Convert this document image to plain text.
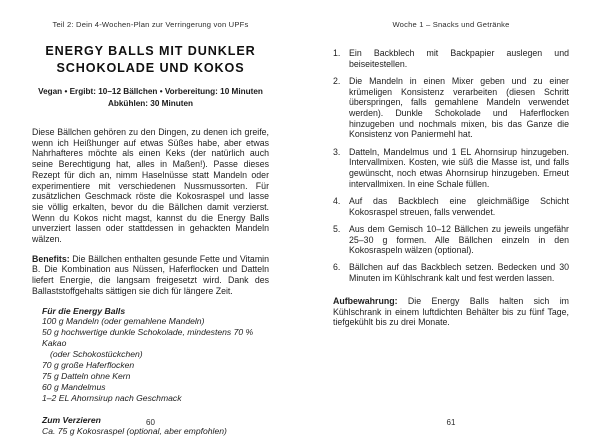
Teil 2: Dein 4-Wochen-Plan zur Verringerung von UPFs
ENERGY BALLS MIT DUNKLER
SCHOKOLADE UND KOKOS
Vegan • Ergibt: 10–12 Bällchen • Vorbereitung: 10 Minuten
Abkühlen: 30 Minuten

Diese Bällchen gehören zu den Dingen, zu denen ich greife, wenn ich Heißhunger auf etwas Süßes habe, aber etwas Nahrhafteres möchte als einen Keks (der natürlich auch seine Berechtigung hat, alles in Maßen!). Passe dieses Rezept für dich an, nimm Haselnüsse statt Mandeln oder experimentiere mit verschiedenen Nussmussorten. Für zusätzlichen Geschmack röste die Kokosraspel und lasse sie völlig erkalten, bevor du die Bällchen damit verzierst. Wenn du Kokos nicht magst, kannst du die Energy Balls unverziert lassen oder stattdessen in gehackten Mandeln wälzen.

Benefits: Die Bällchen enthalten gesunde Fette und Vitamin B. Die Kombination aus Nüssen, Haferflocken und Datteln liefert Energie, die langsam freigesetzt wird. Dank des Ballaststoffgehalts sättigen sie dich für längere Zeit.

Für die Energy Balls
100 g Mandeln (oder gemahlene Mandeln)
50 g hochwertige dunkle Schokolade, mindestens 70 % Kakao
(oder Schokostückchen)
70 g große Haferflocken
75 g Datteln ohne Kern
60 g Mandelmus
1–2 EL Ahornsirup nach Geschmack
Zum Verzieren
Ca. 75 g Kokosraspel (optional, aber empfohlen)
60
Woche 1 – Snacks und Getränke
1. Ein Backblech mit Backpapier auslegen und beiseitestellen.
2. Die Mandeln in einen Mixer geben und zu einer krümeligen Konsistenz verarbeiten (diesen Schritt überspringen, falls gemahlene Mandeln verwendet werden). Dunkle Schokolade und Haferflocken hinzugeben und nochmals mixen, bis das Ganze die Konsistenz von Paniermehl hat.
3. Datteln, Mandelmus und 1 EL Ahornsirup hinzugeben. Intervallmixen. Kosten, wie süß die Masse ist, und falls gewünscht, noch etwas Ahornsirup hinzugeben. Erneut intervallmixen. In eine Schale füllen.
4. Auf das Backblech eine gleichmäßige Schicht Kokosraspel streuen, falls verwendet.
5. Aus dem Gemisch 10–12 Bällchen zu jeweils ungefähr 25–30 g formen. Alle Bällchen einzeln in den Kokosraspeln wälzen (optional).
6. Bällchen auf das Backblech setzen. Bedecken und 30 Minuten im Kühlschrank kalt und fest werden lassen.

Aufbewahrung: Die Energy Balls halten sich im Kühlschrank in einem luftdichten Behälter bis zu fünf Tage, tiefgekühlt bis zu drei Monate.

61
